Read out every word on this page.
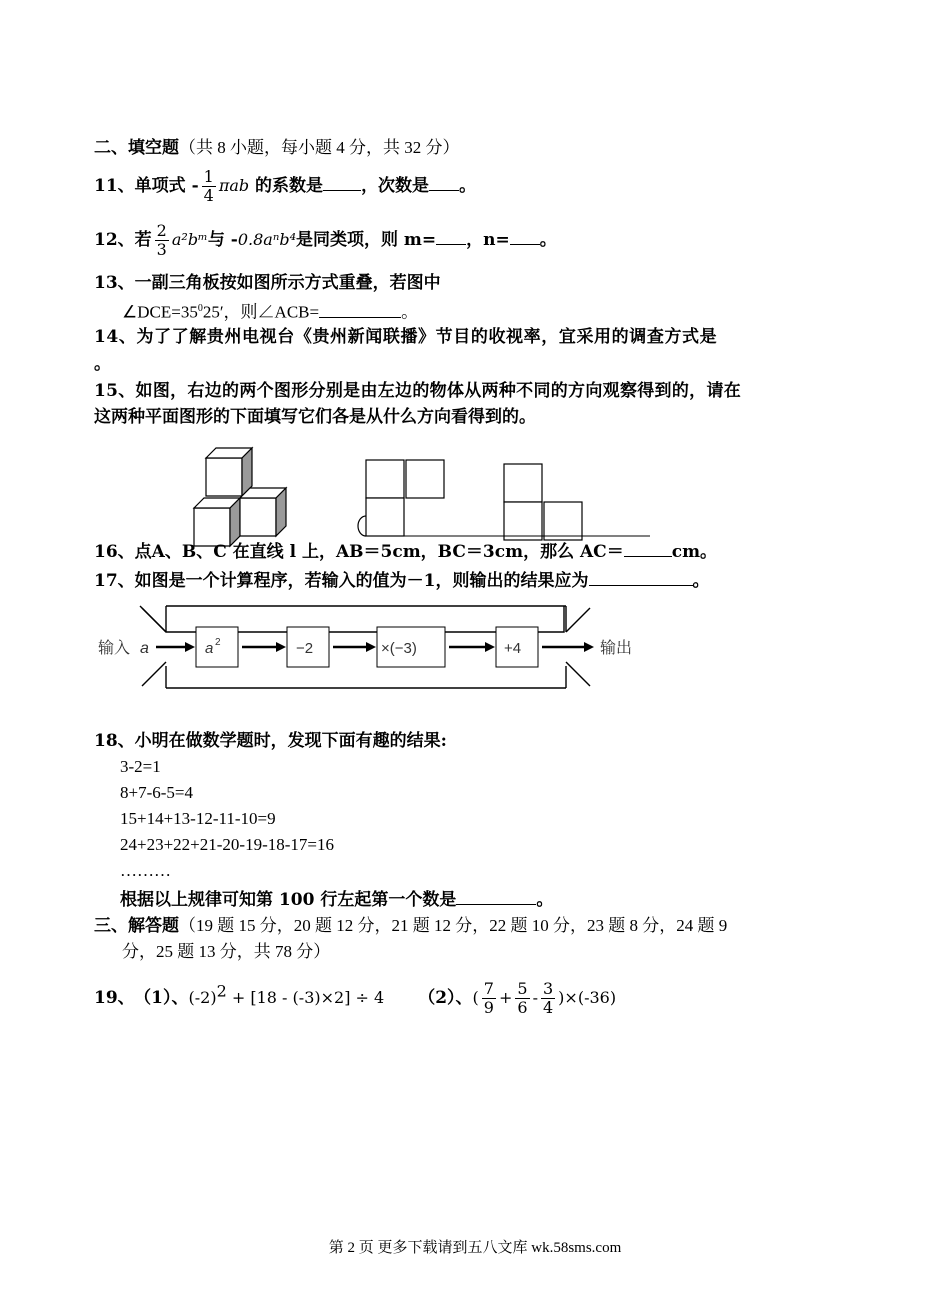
二、填空题（共 8 小题，每小题 4 分，共 32 分）
11、单项式 - $\frac{1}{4}$ πab 的系数是 ，次数是 。
12、若 $\frac{2}{3}$ a²bᵐ与 -0.8aⁿb⁴是同类项，则 m= ，n= 。
13、一副三角板按如图所示方式重叠，若图中
$\angle DCE=35^025'$，则∠ACB=	。
14、为了了解贵州电视台《贵州新闻联播》节目的收视率，宜采用的调查方式是
。
15、如图，右边的两个图形分别是由左边的物体从两种不同的方向观察得到的，请在
这两种平面图形的下面填写它们各是从什么方向看得到的。
16、点A、B、C 在直线 l 上，AB＝5cm，BC＝3cm，那么 AC＝	cm。
17、如图是一个计算程序，若输入的值为－1，则输出的结果应为	。
输入 a	a 2	−2	×(−3)	+4	输出
18、小明在做数学题时，发现下面有趣的结果:
3-2=1
8+7-6-5=4
15+14+13-12-11-10=9
24+23+22+21-20-19-18-17=16
………
根据以上规律可知第 100 行左起第一个数是	。
三、解答题（19 题 15 分，20 题 12 分，21 题 12 分，22 题 10 分，23 题 8 分，24 题 9
分，25 题 13 分，共 78 分）
19、 （1）、$(-2)^2 + [18 - (-3)\times 2] \div 4$ （2）、( $\frac{7}{9} + \frac{5}{6} - \frac{3}{4} )\times(-36)$
第 2 页 更多下载请到五八文库 wk.58sms.com
